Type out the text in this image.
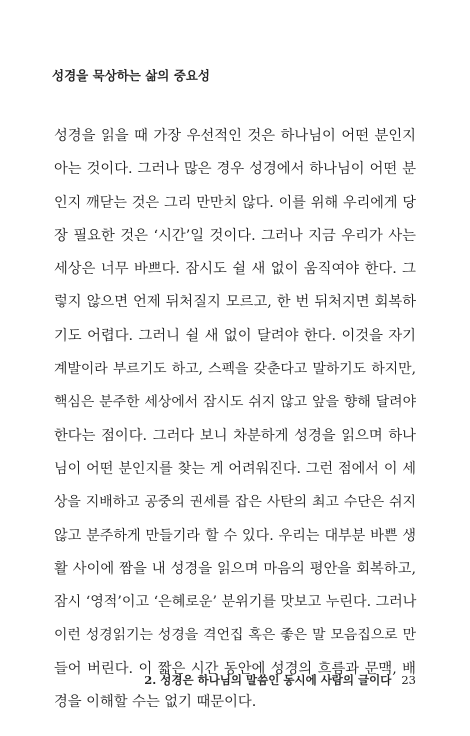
성경을 묵상하는 삶의 중요성
성경을 읽을 때 가장 우선적인 것은 하나님이 어떤 분인지
아는 것이다. 그러나 많은 경우 성경에서 하나님이 어떤 분
인지 깨닫는 것은 그리 만만치 않다. 이를 위해 우리에게 당
장 필요한 것은 ‘시간’일 것이다. 그러나 지금 우리가 사는
세상은 너무 바쁘다. 잠시도 쉴 새 없이 움직여야 한다. 그
렇지 않으면 언제 뒤처질지 모르고, 한 번 뒤처지면 회복하
기도 어렵다. 그러니 쉴 새 없이 달려야 한다. 이것을 자기
계발이라 부르기도 하고, 스펙을 갖춘다고 말하기도 하지만,
핵심은 분주한 세상에서 잠시도 쉬지 않고 앞을 향해 달려야
한다는 점이다. 그러다 보니 차분하게 성경을 읽으며 하나
님이 어떤 분인지를 찾는 게 어려워진다. 그런 점에서 이 세
상을 지배하고 공중의 권세를 잡은 사탄의 최고 수단은 쉬지
않고 분주하게 만들기라 할 수 있다. 우리는 대부분 바쁜 생
활 사이에 짬을 내 성경을 읽으며 마음의 평안을 회복하고,
잠시 ‘영적’이고 ‘은혜로운’ 분위기를 맛보고 누린다. 그러나
이런 성경읽기는 성경을 격언집 혹은 좋은 말 모음집으로 만
들어 버린다. 이 짧은 시간 동안에 성경의 흐름과 문맥, 배
경을 이해할 수는 없기 때문이다.
2. 성경은 하나님의 말씀인 동시에 사람의 글이다 23
